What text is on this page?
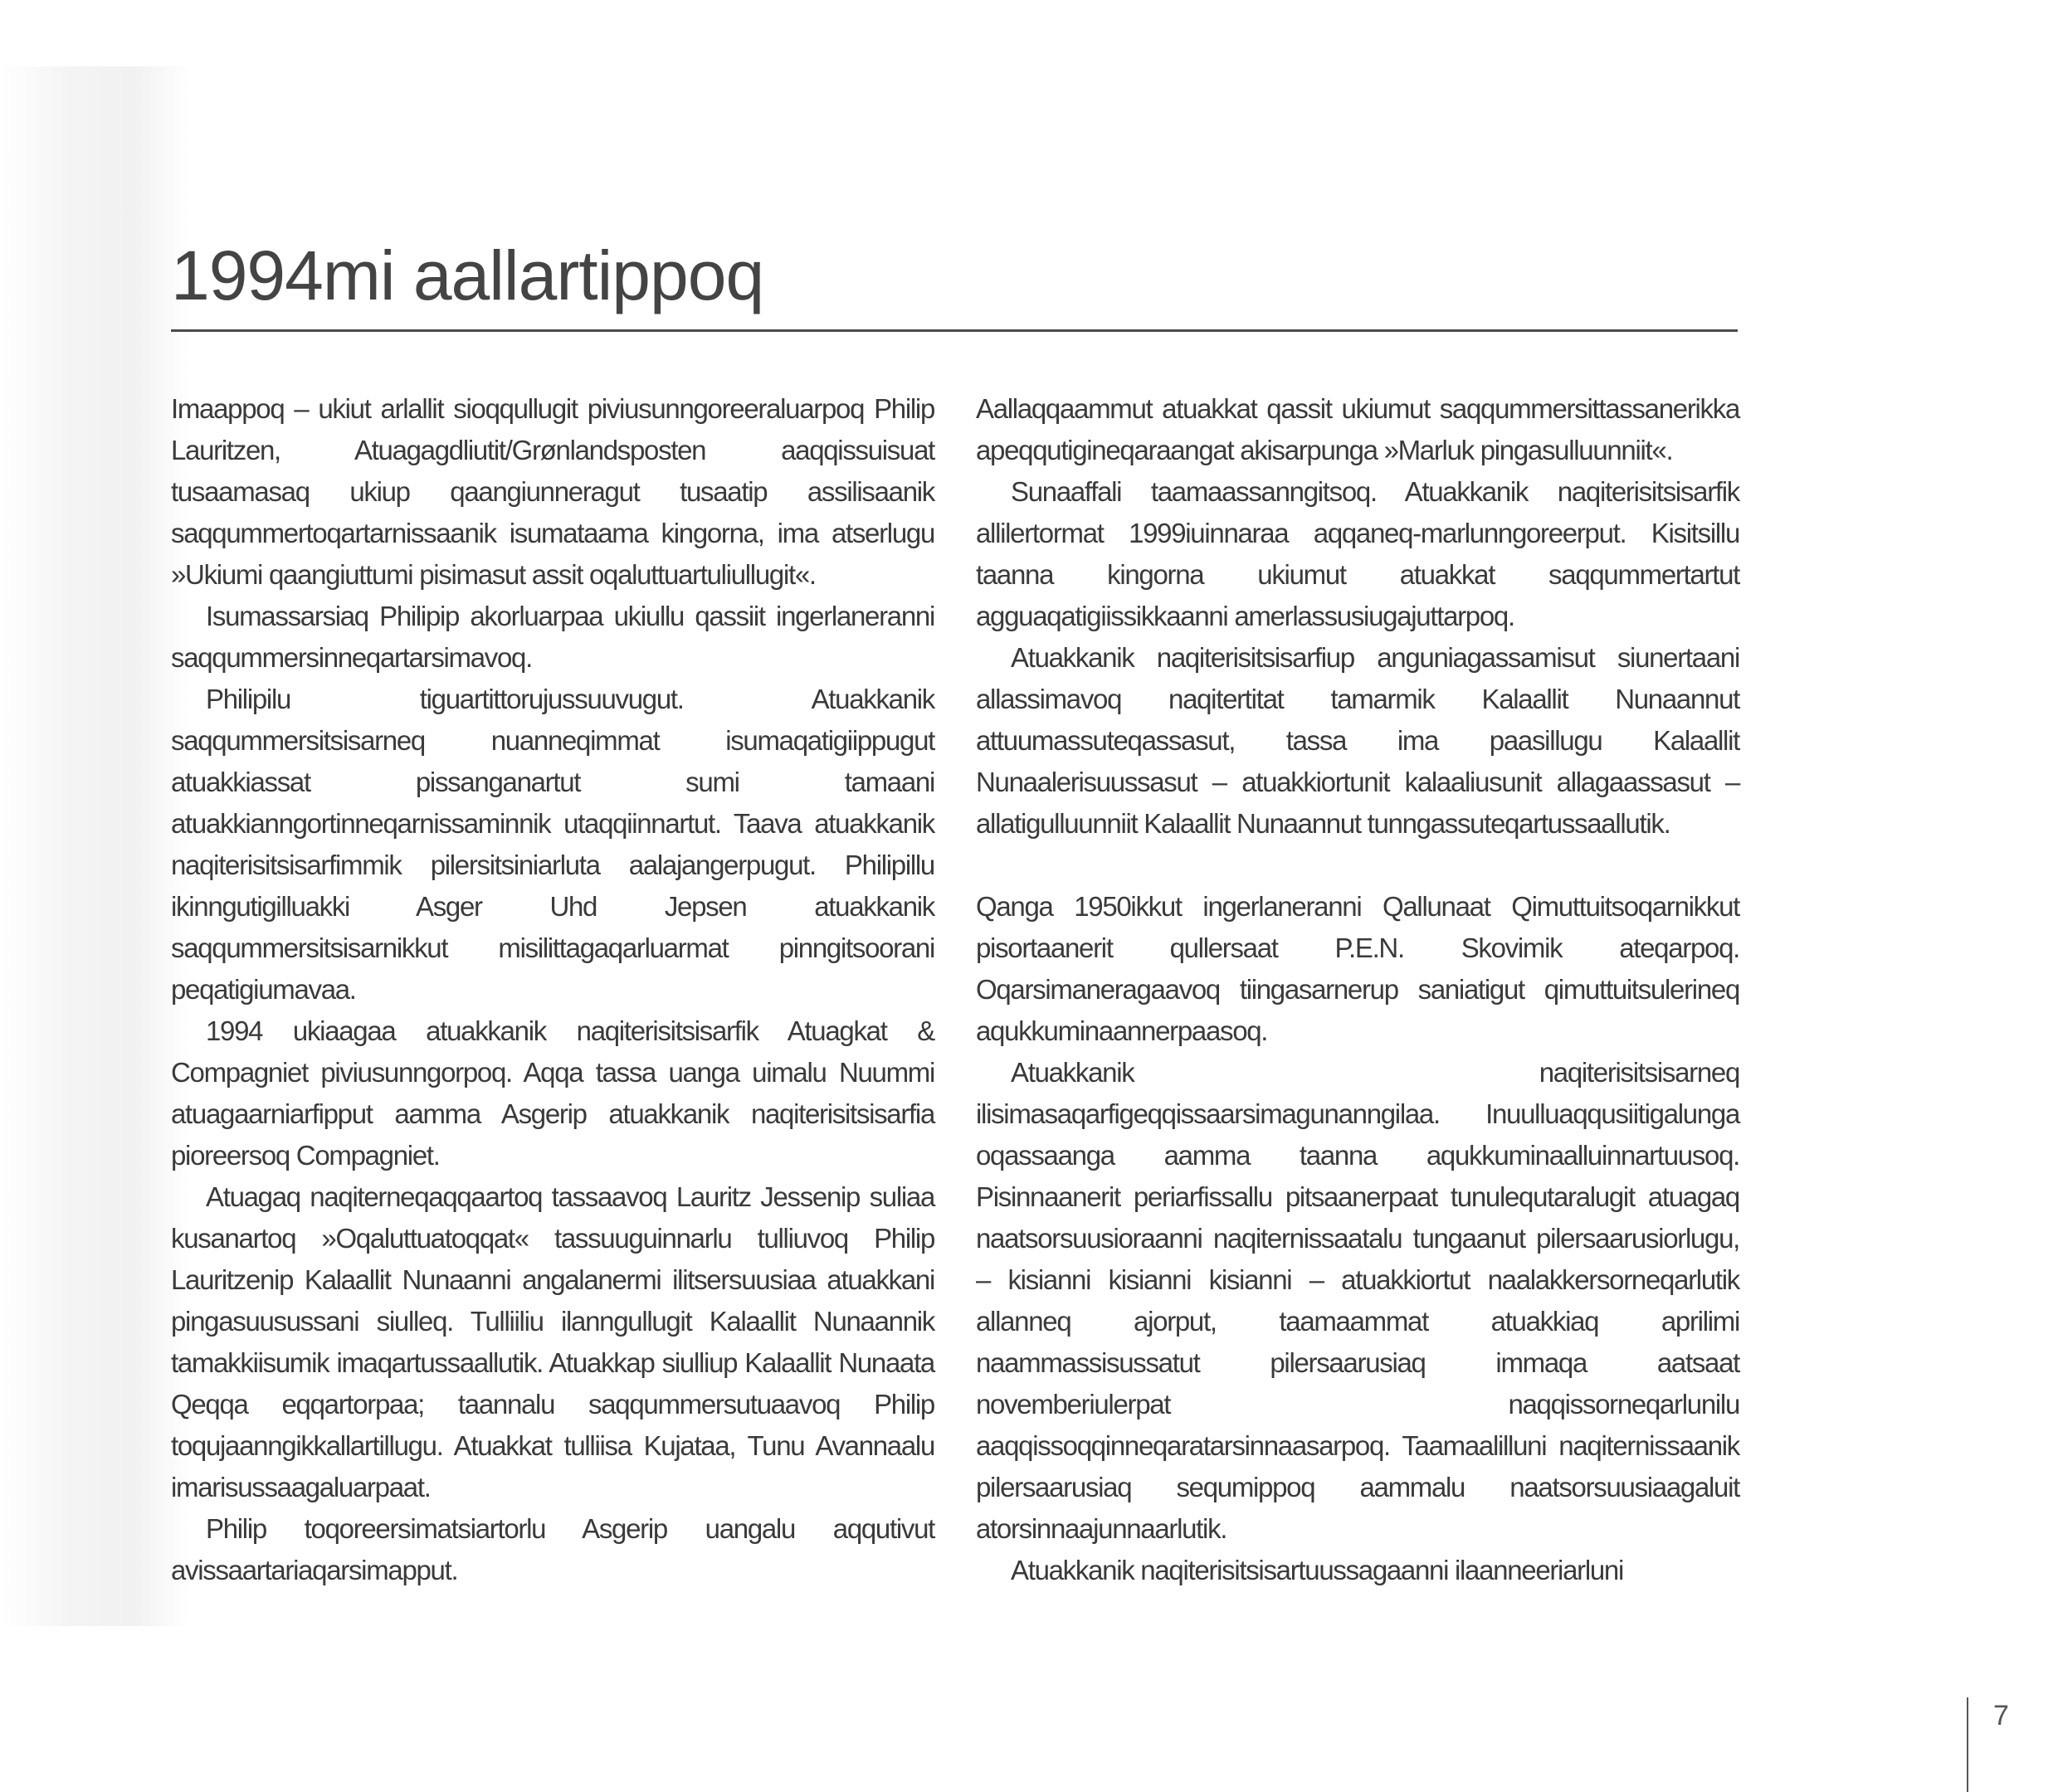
1994mi aallartippoq

Imaappoq – ukiut arlallit sioqqullugit piviusunngoreeraluarpoq Philip Lauritzen, Atuagagdliutit/Grønlandsposten aaqqissuisuat tusaamasaq ukiup qaangiunneragut tusaatip assilisaanik saqqummertoqartarnissaanik isumataama kingorna, ima atserlugu »Ukiumi qaangiuttumi pisimasut assit oqaluttuartuliullugit«.

Isumassarsiaq Philipip akorluarpaa ukiullu qassiit ingerlaneranni saqqummersinneqartarsimavoq.

Philipilu tiguartittorujussuuvugut. Atuakkanik saqqummersitsisarneq nuanneqimmat isumaqatigiippugut atuakkiassat pissanganartut sumi tamaani atuakkianngortinneqarnissaminnik utaqqiinnartut. Taava atuakkanik naqiterisitsisarfimmik pilersitsiniarluta aalajangerpugut. Philipillu ikinngutigilluakki Asger Uhd Jepsen atuakkanik saqqummersitsisarnikkut misilittagaqarluarmat pinngitsoorani peqatigiumavaa.

1994 ukiaagaa atuakkanik naqiterisitsisarfik Atuagkat & Compagniet piviusunngorpoq. Aqqa tassa uanga uimalu Nuummi atuagaarniarfipput aamma Asgerip atuakkanik naqiterisitsisarfia pioreersoq Compagniet.

Atuagaq naqiterneqaqqaartoq tassaavoq Lauritz Jessenip suliaa kusanartoq »Oqaluttuatoqqat« tassuuguinnarlu tulliuvoq Philip Lauritzenip Kalaallit Nunaanni angalanermi ilitsersuusiaa atuakkani pingasuusussani siulleq. Tulliiliu ilanngullugit Kalaallit Nunaannik tamakkiisumik imaqartussaallutik. Atuakkap siulliup Kalaallit Nunaata Qeqqa eqqartorpaa; taannalu saqqummersutuaavoq Philip toqujaanngikkallartillugu. Atuakkat tulliisa Kujataa, Tunu Avannaalu imarisussaagaluarpaat.

Philip toqoreersimatsiartorlu Asgerip uangalu aqqutivut avissaartariaqarsimapput.

Aallaqqaammut atuakkat qassit ukiumut saqqummersittassanerikka apeqqutigineqaraangat akisarpunga »Marluk pingasulluunniit«.

Sunaaffali taamaassanngitsoq. Atuakkanik naqiterisitsisarfik allilertormat 1999iuinnaraa aqqaneq-marlunngoreerput. Kisitsillu taanna kingorna ukiumut atuakkat saqqummertartut agguaqatigiissikkaanni amerlassusiugajuttarpoq.

Atuakkanik naqiterisitsisarfiup anguniagassamisut siunertaani allassimavoq naqitertitat tamarmik Kalaallit Nunaannut attuumassuteqassasut, tassa ima paasillugu Kalaallit Nunaalerisuussasut – atuakkiortunit kalaaliusunit allagaassasut – allatigulluunniit Kalaallit Nunaannut tunngassuteqartussaallutik.

Qanga 1950ikkut ingerlaneranni Qallunaat Qimuttuitsoqarnikkut pisortaanerit qullersaat P.E.N. Skovimik ateqarpoq. Oqarsimaneragaavoq tiingasarnerup saniatigut qimuttuitsulerineq aqukkuminaannerpaasoq.

Atuakkanik naqiterisitsisarneq ilisimasaqarfigeqqissaarsimagunanngilaa. Inuulluaqqusiitigalunga oqassaanga aamma taanna aqukkuminaalluinnartuusoq. Pisinnaanerit periarfissallu pitsaanerpaat tunulequtaralugit atuagaq naatsorsuusioraanni naqiternissaatalu tungaanut pilersaarusiorlugu, – kisianni kisianni kisianni – atuakkiortut naalakkersorneqarlutik allanneq ajorput, taamaammat atuakkiaq aprilimi naammassisussatut pilersaarusiaq immaqa aatsaat novemberiulerpat naqqissorneqarlunilu aaqqissoqqinneqaratarsinnaasarpoq. Taamaalilluni naqiternissaanik pilersaarusiaq sequmippoq aammalu naatsorsuusiaagaluit atorsinnaajunnaarlutik.

Atuakkanik naqiterisitsisartuussagaanni ilaanneeriarluni

7
